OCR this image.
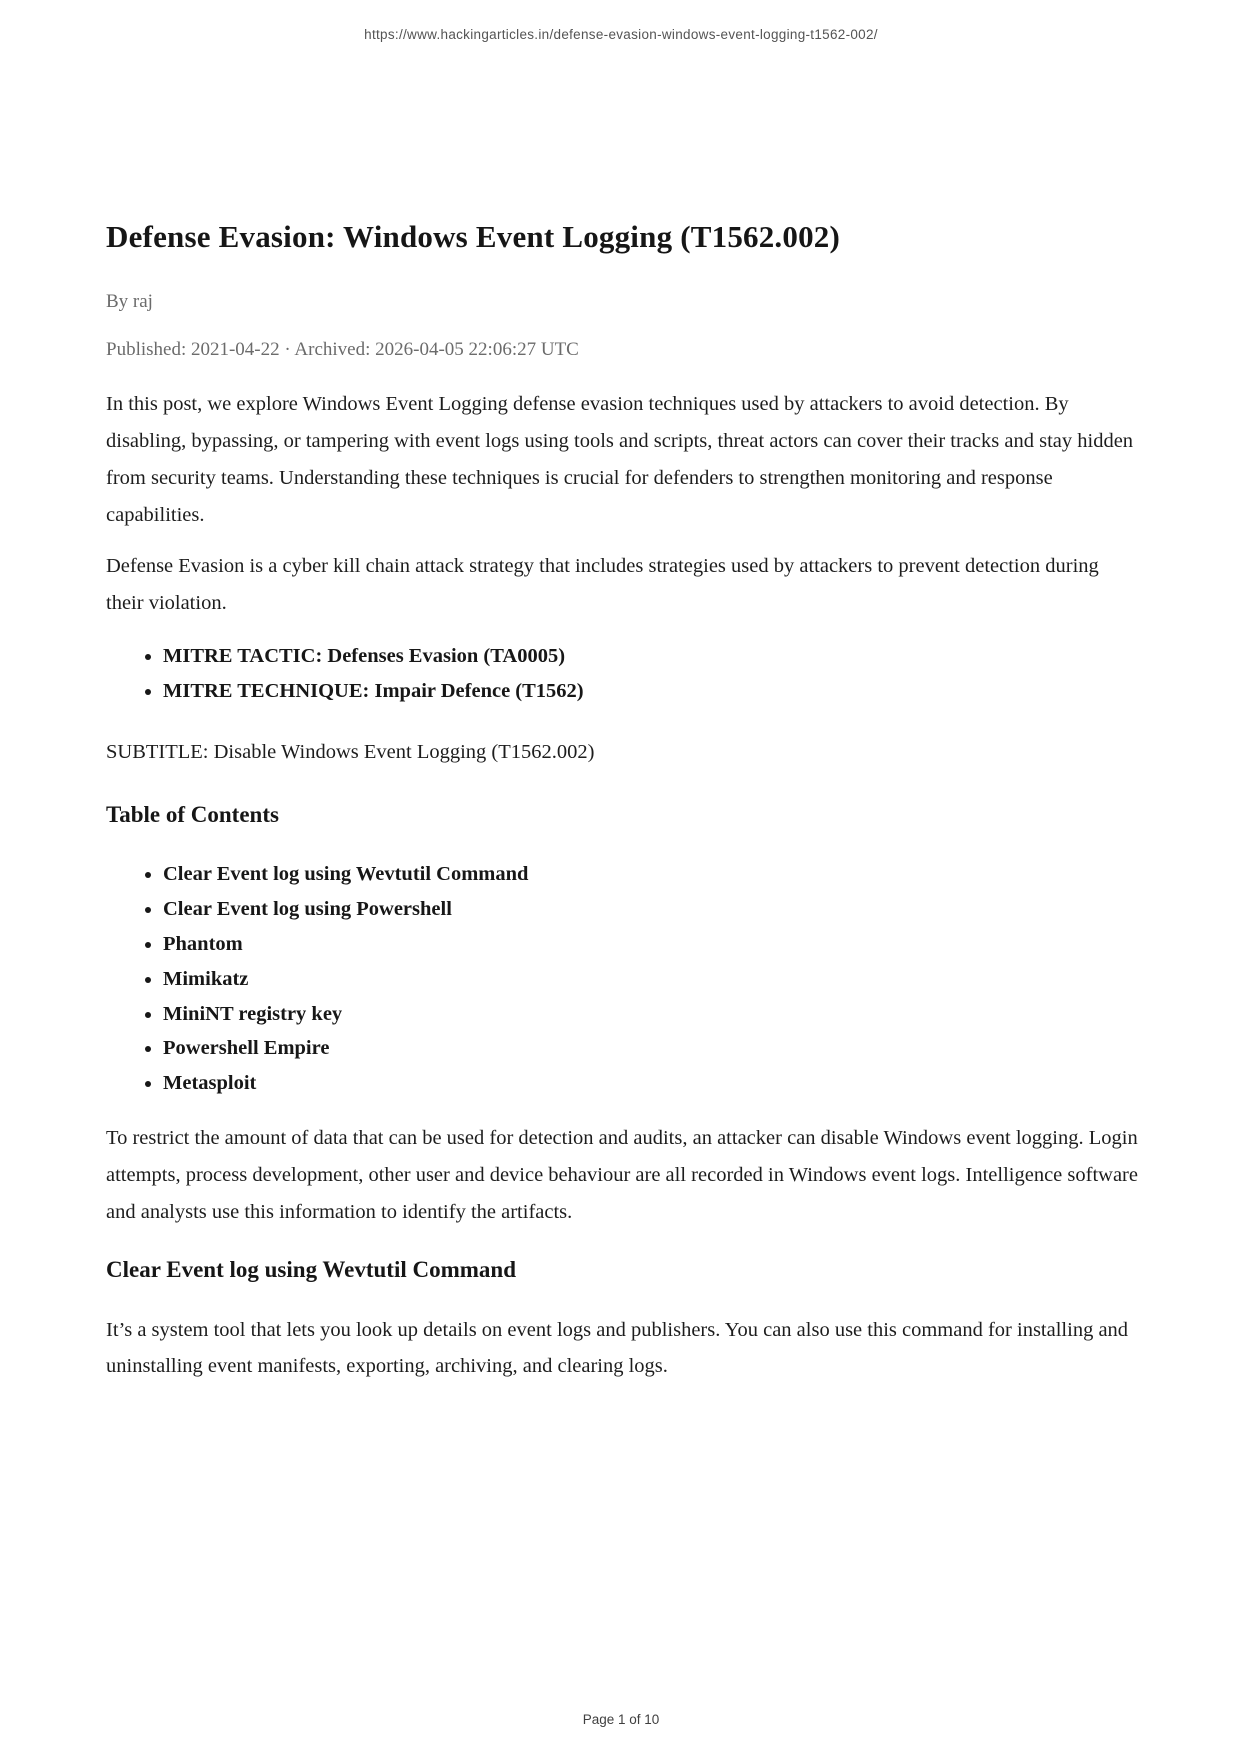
https://www.hackingarticles.in/defense-evasion-windows-event-logging-t1562-002/
Defense Evasion: Windows Event Logging (T1562.002)
By raj
Published: 2021-04-22 · Archived: 2026-04-05 22:06:27 UTC

In this post, we explore Windows Event Logging defense evasion techniques used by attackers to avoid detection. By disabling, bypassing, or tampering with event logs using tools and scripts, threat actors can cover their tracks and stay hidden from security teams. Understanding these techniques is crucial for defenders to strengthen monitoring and response capabilities.

Defense Evasion is a cyber kill chain attack strategy that includes strategies used by attackers to prevent detection during their violation.

• MITRE TACTIC: Defenses Evasion (TA0005)
• MITRE TECHNIQUE: Impair Defence (T1562)

SUBTITLE: Disable Windows Event Logging (T1562.002)

Table of Contents
• Clear Event log using Wevtutil Command
• Clear Event log using Powershell
• Phantom
• Mimikatz
• MiniNT registry key
• Powershell Empire
• Metasploit

To restrict the amount of data that can be used for detection and audits, an attacker can disable Windows event logging. Login attempts, process development, other user and device behaviour are all recorded in Windows event logs. Intelligence software and analysts use this information to identify the artifacts.

Clear Event log using Wevtutil Command

It’s a system tool that lets you look up details on event logs and publishers. You can also use this command for installing and uninstalling event manifests, exporting, archiving, and clearing logs.

Page 1 of 10
